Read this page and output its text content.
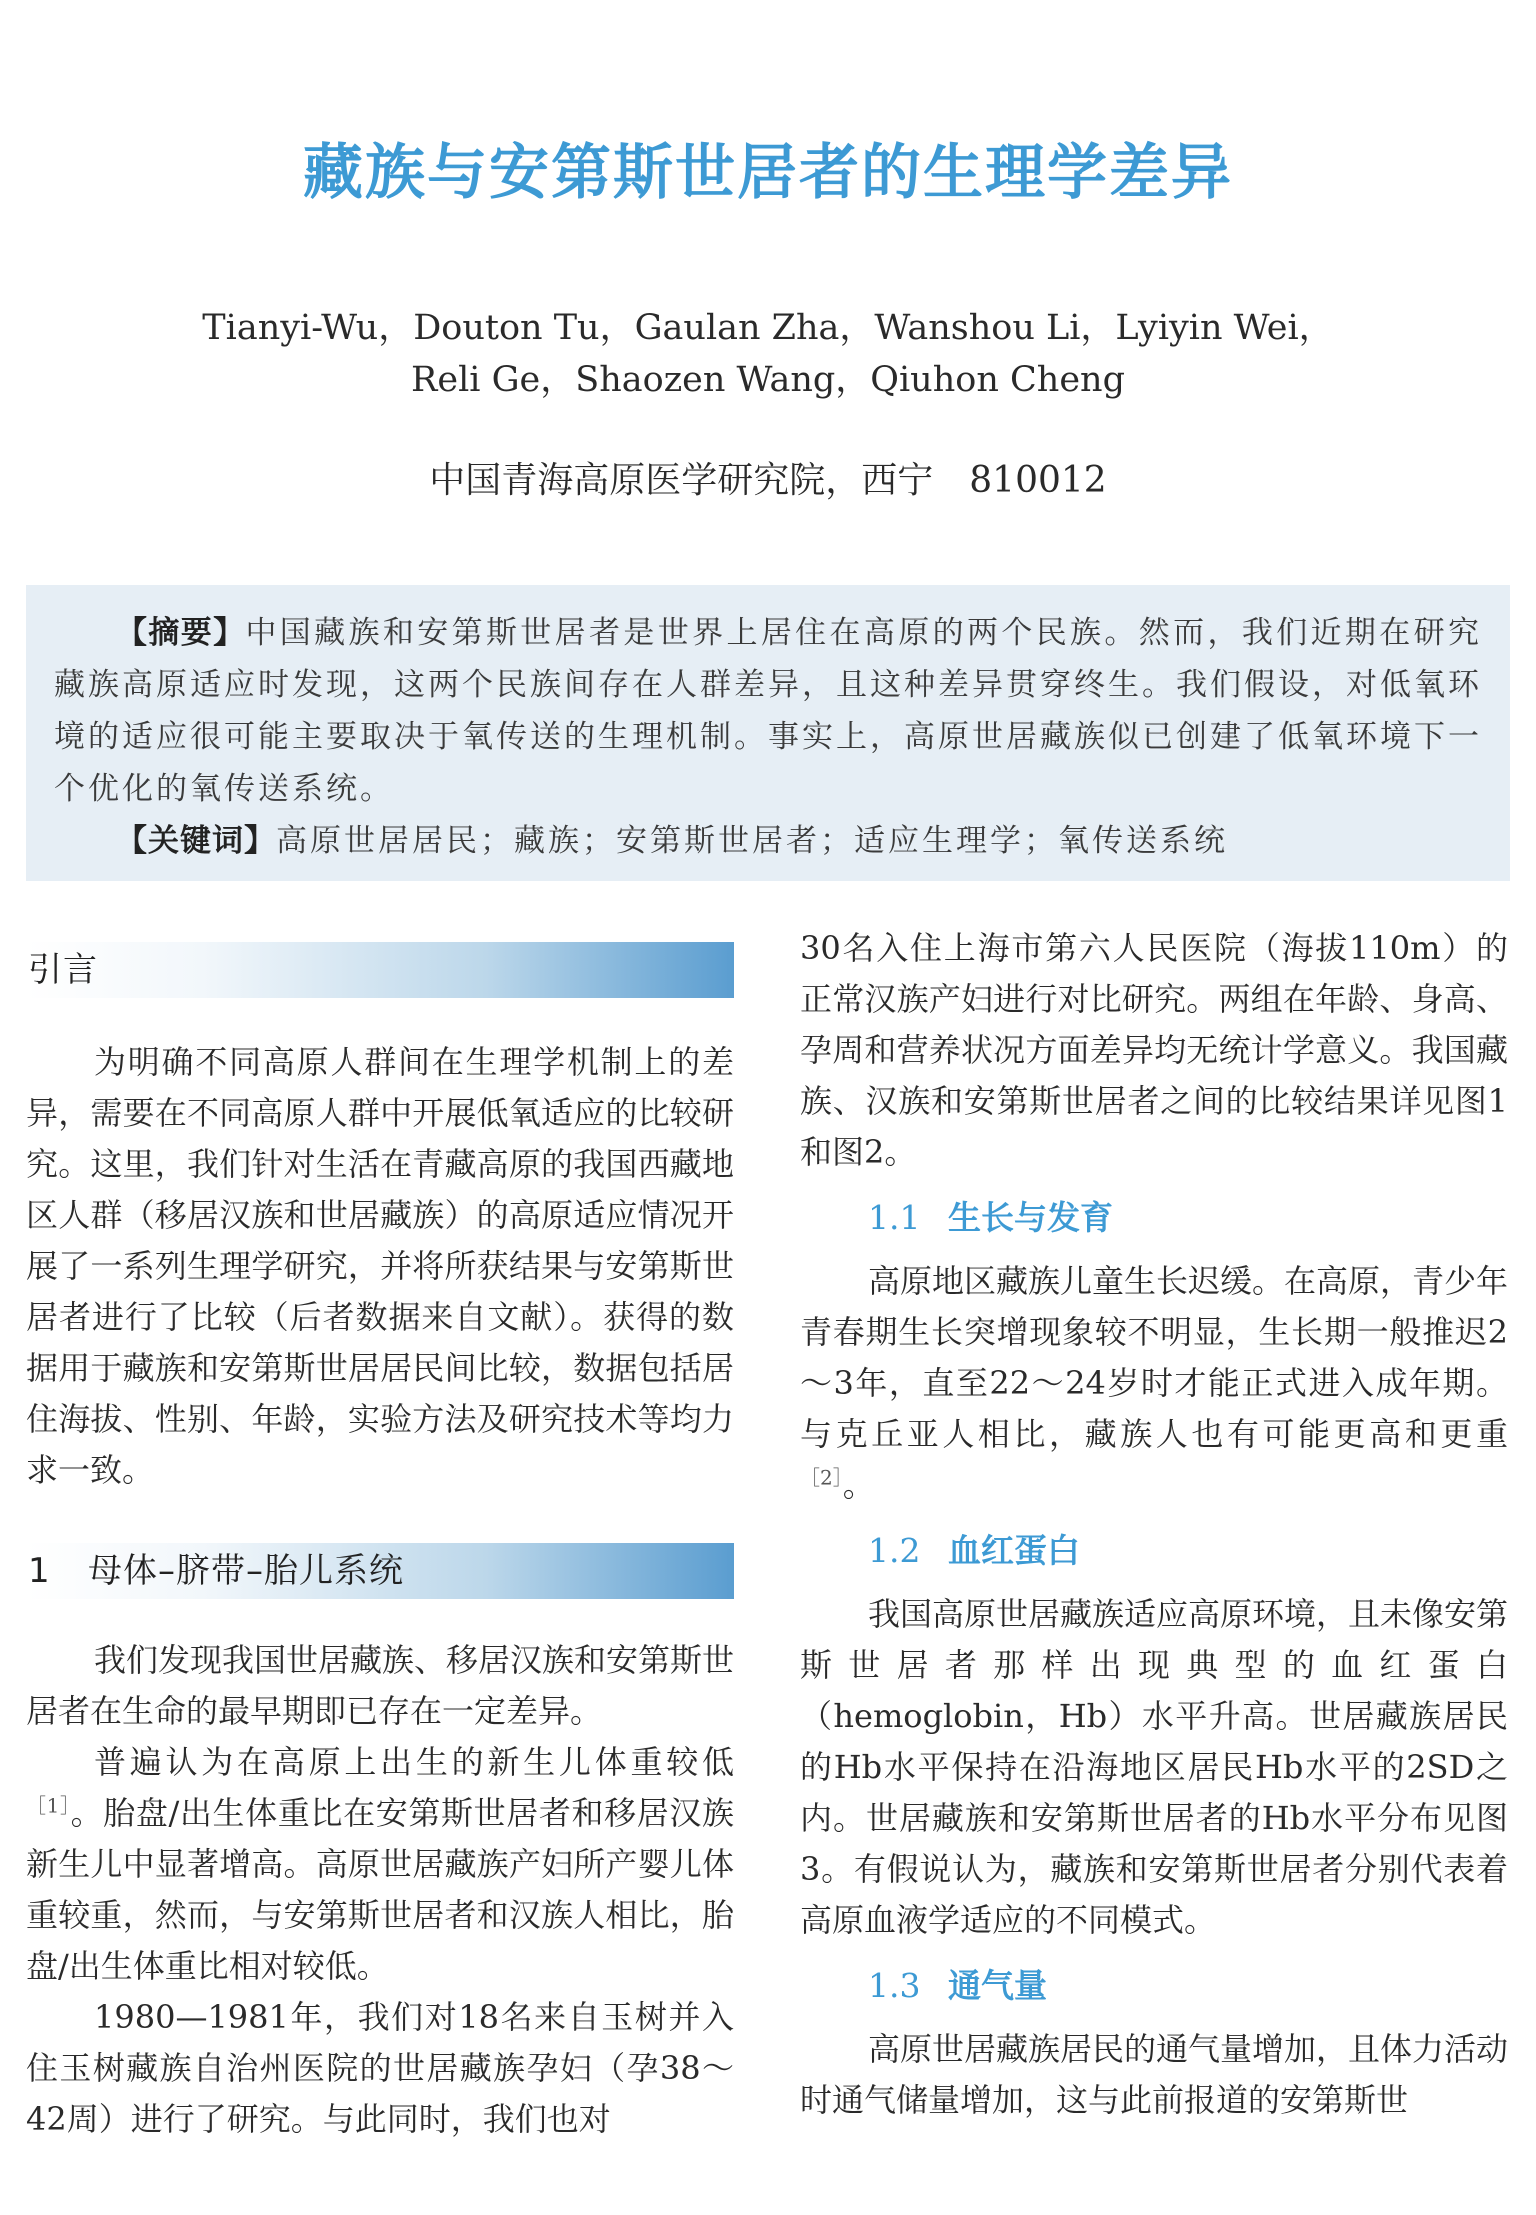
藏族与安第斯世居者的生理学差异
Tianyi-Wu，Douton Tu，Gaulan Zha，Wanshou Li，Lyiyin Wei，
Reli Ge，Shaozen Wang，Qiuhon Cheng
中国青海高原医学研究院，西宁　810012

【摘要】中国藏族和安第斯世居者是世界上居住在高原的两个民族。然而，我们近期在研究藏族高原适应时发现，这两个民族间存在人群差异，且这种差异贯穿终生。我们假设，对低氧环境的适应很可能主要取决于氧传送的生理机制。事实上，高原世居藏族似已创建了低氧环境下一个优化的氧传送系统。

【关键词】高原世居居民；藏族；安第斯世居者；适应生理学；氧传送系统

引言

为明确不同高原人群间在生理学机制上的差异，需要在不同高原人群中开展低氧适应的比较研究。这里，我们针对生活在青藏高原的我国西藏地区人群（移居汉族和世居藏族）的高原适应情况开展了一系列生理学研究，并将所获结果与安第斯世居者进行了比较（后者数据来自文献）。获得的数据用于藏族和安第斯世居居民间比较，数据包括居住海拔、性别、年龄，实验方法及研究技术等均力求一致。

1 母体–脐带–胎儿系统

我们发现我国世居藏族、移居汉族和安第斯世居者在生命的最早期即已存在一定差异。

普遍认为在高原上出生的新生儿体重较低$^{[1]}$。胎盘/出生体重比在安第斯世居者和移居汉族新生儿中显著增高。高原世居藏族产妇所产婴儿体重较重，然而，与安第斯世居者和汉族人相比，胎盘/出生体重比相对较低。

1980—1981年，我们对18名来自玉树并入住玉树藏族自治州医院的世居藏族孕妇（孕38～42周）进行了研究。与此同时，我们也对

30名入住上海市第六人民医院（海拔110m）的正常汉族产妇进行对比研究。两组在年龄、身高、孕周和营养状况方面差异均无统计学意义。我国藏族、汉族和安第斯世居者之间的比较结果详见图1和图2。

1.1 生长与发育

高原地区藏族儿童生长迟缓。在高原，青少年青春期生长突增现象较不明显，生长期一般推迟2～3年，直至22～24岁时才能正式进入成年期。与克丘亚人相比，藏族人也有可能更高和更重$^{[2]}$。

1.2 血红蛋白

我国高原世居藏族适应高原环境，且未像安第斯世居者那样出现典型的血红蛋白（hemoglobin，Hb）水平升高。世居藏族居民的Hb水平保持在沿海地区居民Hb水平的2SD之内。世居藏族和安第斯世居者的Hb水平分布见图3。有假说认为，藏族和安第斯世居者分别代表着高原血液学适应的不同模式。

1.3 通气量

高原世居藏族居民的通气量增加，且体力活动时通气储量增加，这与此前报道的安第斯世
